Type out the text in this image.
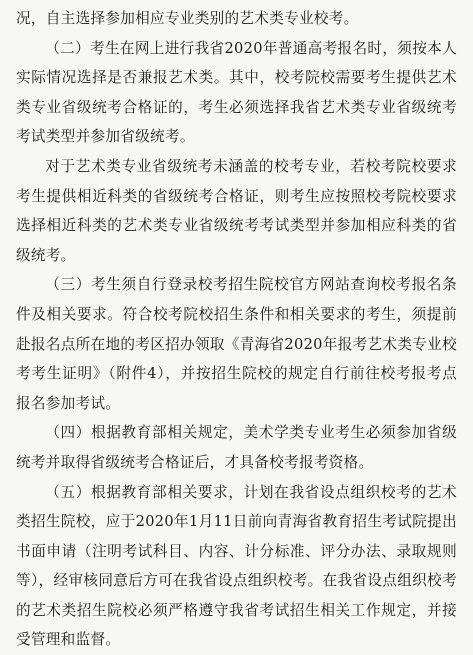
况，自主选择参加相应专业类别的艺术类专业校考。

（二）考生在网上进行我省2020年普通高考报名时，须按本人实际情况选择是否兼报艺术类。其中，校考院校需要考生提供艺术类专业省级统考合格证的，考生必须选择我省艺术类专业省级统考考试类型并参加省级统考。

对于艺术类专业省级统考未涵盖的校考专业，若校考院校要求考生提供相近科类的省级统考合格证，则考生应按照校考院校要求选择相近科类的艺术类专业省级统考考试类型并参加相应科类的省级统考。

（三）考生须自行登录校考招生院校官方网站查询校考报名条件及相关要求。符合校考院校招生条件和相关要求的考生，须提前赴报名点所在地的考区招办领取《青海省2020年报考艺术类专业校考考生证明》（附件4），并按招生院校的规定自行前往校考报考点报名参加考试。

（四）根据教育部相关规定，美术学类专业考生必须参加省级统考并取得省级统考合格证后，才具备校考报考资格。

（五）根据教育部相关要求，计划在我省设点组织校考的艺术类招生院校，应于2020年1月11日前向青海省教育招生考试院提出书面申请（注明考试科目、内容、计分标准、评分办法、录取规则等），经审核同意后方可在我省设点组织校考。在我省设点组织校考的艺术类招生院校必须严格遵守我省考试招生相关工作规定，并接受管理和监督。
